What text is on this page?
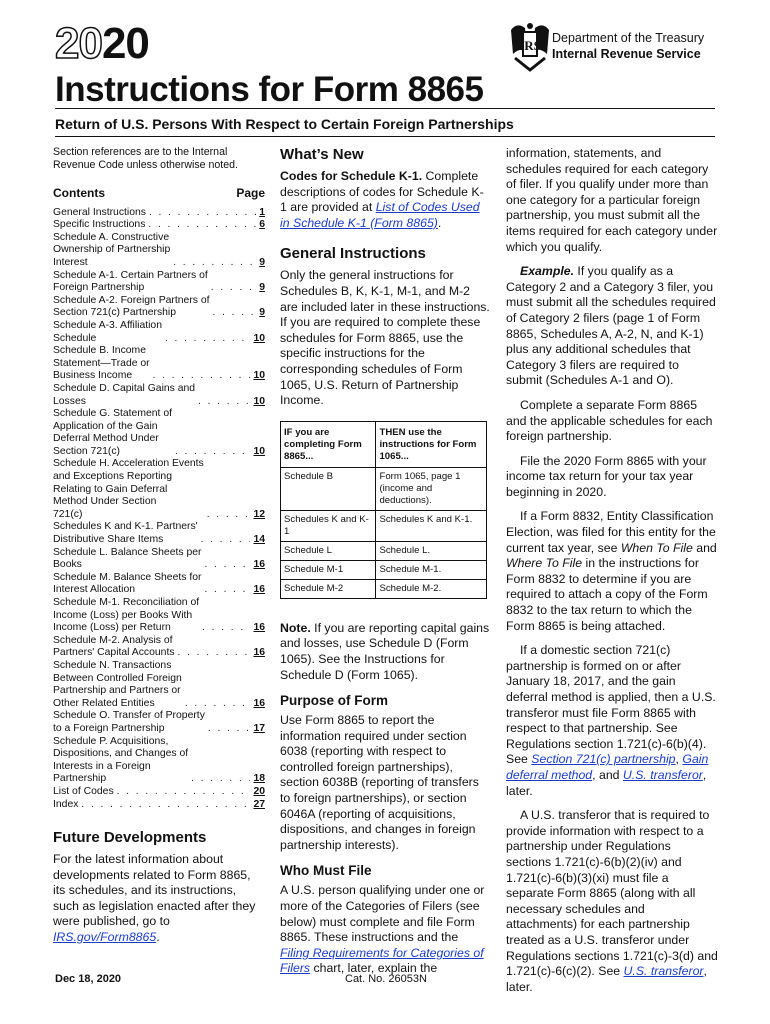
2020
Instructions for Form 8865
IRS Department of the Treasury
Internal Revenue Service
Return of U.S. Persons With Respect to Certain Foreign Partnerships
Section references are to the Internal Revenue Code unless otherwise noted.
Contents	Page
General Instructions . . .	1
Specific Instructions . . .	6
Schedule A. Constructive
Ownership of Partnership
Interest . . .	9
Schedule A-1. Certain Partners of
Foreign Partnership . . .	9
Schedule A-2. Foreign Partners of
Section 721(c) Partnership . . .	9
Schedule A-3. Affiliation
Schedule . . .	10
Schedule B. Income
Statement—Trade or
Business Income . . .	10
Schedule D. Capital Gains and
Losses . . .	10
Schedule G. Statement of
Application of the Gain
Deferral Method Under
Section 721(c) . . .	10
Schedule H. Acceleration Events
and Exceptions Reporting
Relating to Gain Deferral
Method Under Section
721(c) . . .	12
Schedules K and K-1. Partners'
Distributive Share Items . . .	14
Schedule L. Balance Sheets per
Books . . .	16
Schedule M. Balance Sheets for
Interest Allocation . . .	16
Schedule M-1. Reconciliation of
Income (Loss) per Books With
Income (Loss) per Return . . .	16
Schedule M-2. Analysis of
Partners' Capital Accounts . . .	16
Schedule N. Transactions
Between Controlled Foreign
Partnership and Partners or
Other Related Entities . . .	16
Schedule O. Transfer of Property
to a Foreign Partnership . . .	17
Schedule P. Acquisitions,
Dispositions, and Changes of
Interests in a Foreign
Partnership . . .	18
List of Codes . . .	20
Index . . .	27
Future Developments

For the latest information about developments related to Form 8865, its schedules, and its instructions, such as legislation enacted after they were published, go to IRS.gov/Form8865.

What’s New

Codes for Schedule K-1. Complete descriptions of codes for Schedule K-1 are provided at List of Codes Used in Schedule K-1 (Form 8865).

General Instructions

Only the general instructions for Schedules B, K, K-1, M-1, and M-2 are included later in these instructions. If you are required to complete these schedules for Form 8865, use the specific instructions for the corresponding schedules of Form 1065, U.S. Return of Partnership Income.

IF you are completing Form 8865...	THEN use the instructions for Form 1065...
Schedule B	Form 1065, page 1 (income and deductions).
Schedules K and K-1	Schedules K and K-1.
Schedule L	Schedule L.
Schedule M-1	Schedule M-1.
Schedule M-2	Schedule M-2.

Note. If you are reporting capital gains and losses, use Schedule D (Form 1065). See the Instructions for Schedule D (Form 1065).

Purpose of Form

Use Form 8865 to report the information required under section 6038 (reporting with respect to controlled foreign partnerships), section 6038B (reporting of transfers to foreign partnerships), or section 6046A (reporting of acquisitions, dispositions, and changes in foreign partnership interests).

Who Must File

A U.S. person qualifying under one or more of the Categories of Filers (see below) must complete and file Form 8865. These instructions and the Filing Requirements for Categories of Filers chart, later, explain the

information, statements, and schedules required for each category of filer. If you qualify under more than one category for a particular foreign partnership, you must submit all the items required for each category under which you qualify.

Example. If you qualify as a Category 2 and a Category 3 filer, you must submit all the schedules required of Category 2 filers (page 1 of Form 8865, Schedules A, A-2, N, and K-1) plus any additional schedules that Category 3 filers are required to submit (Schedules A-1 and O).

Complete a separate Form 8865 and the applicable schedules for each foreign partnership.

File the 2020 Form 8865 with your income tax return for your tax year beginning in 2020.

If a Form 8832, Entity Classification Election, was filed for this entity for the current tax year, see When To File and Where To File in the instructions for Form 8832 to determine if you are required to attach a copy of the Form 8832 to the tax return to which the Form 8865 is being attached.

If a domestic section 721(c) partnership is formed on or after January 18, 2017, and the gain deferral method is applied, then a U.S. transferor must file Form 8865 with respect to that partnership. See Regulations section 1.721(c)-6(b)(4). See Section 721(c) partnership, Gain deferral method, and U.S. transferor, later.

A U.S. transferor that is required to provide information with respect to a partnership under Regulations sections 1.721(c)-6(b)(2)(iv) and 1.721(c)-6(b)(3)(xi) must file a separate Form 8865 (along with all necessary schedules and attachments) for each partnership treated as a U.S. transferor under Regulations sections 1.721(c)-3(d) and 1.721(c)-6(c)(2). See U.S. transferor, later.

Dec 18, 2020	Cat. No. 26053N
